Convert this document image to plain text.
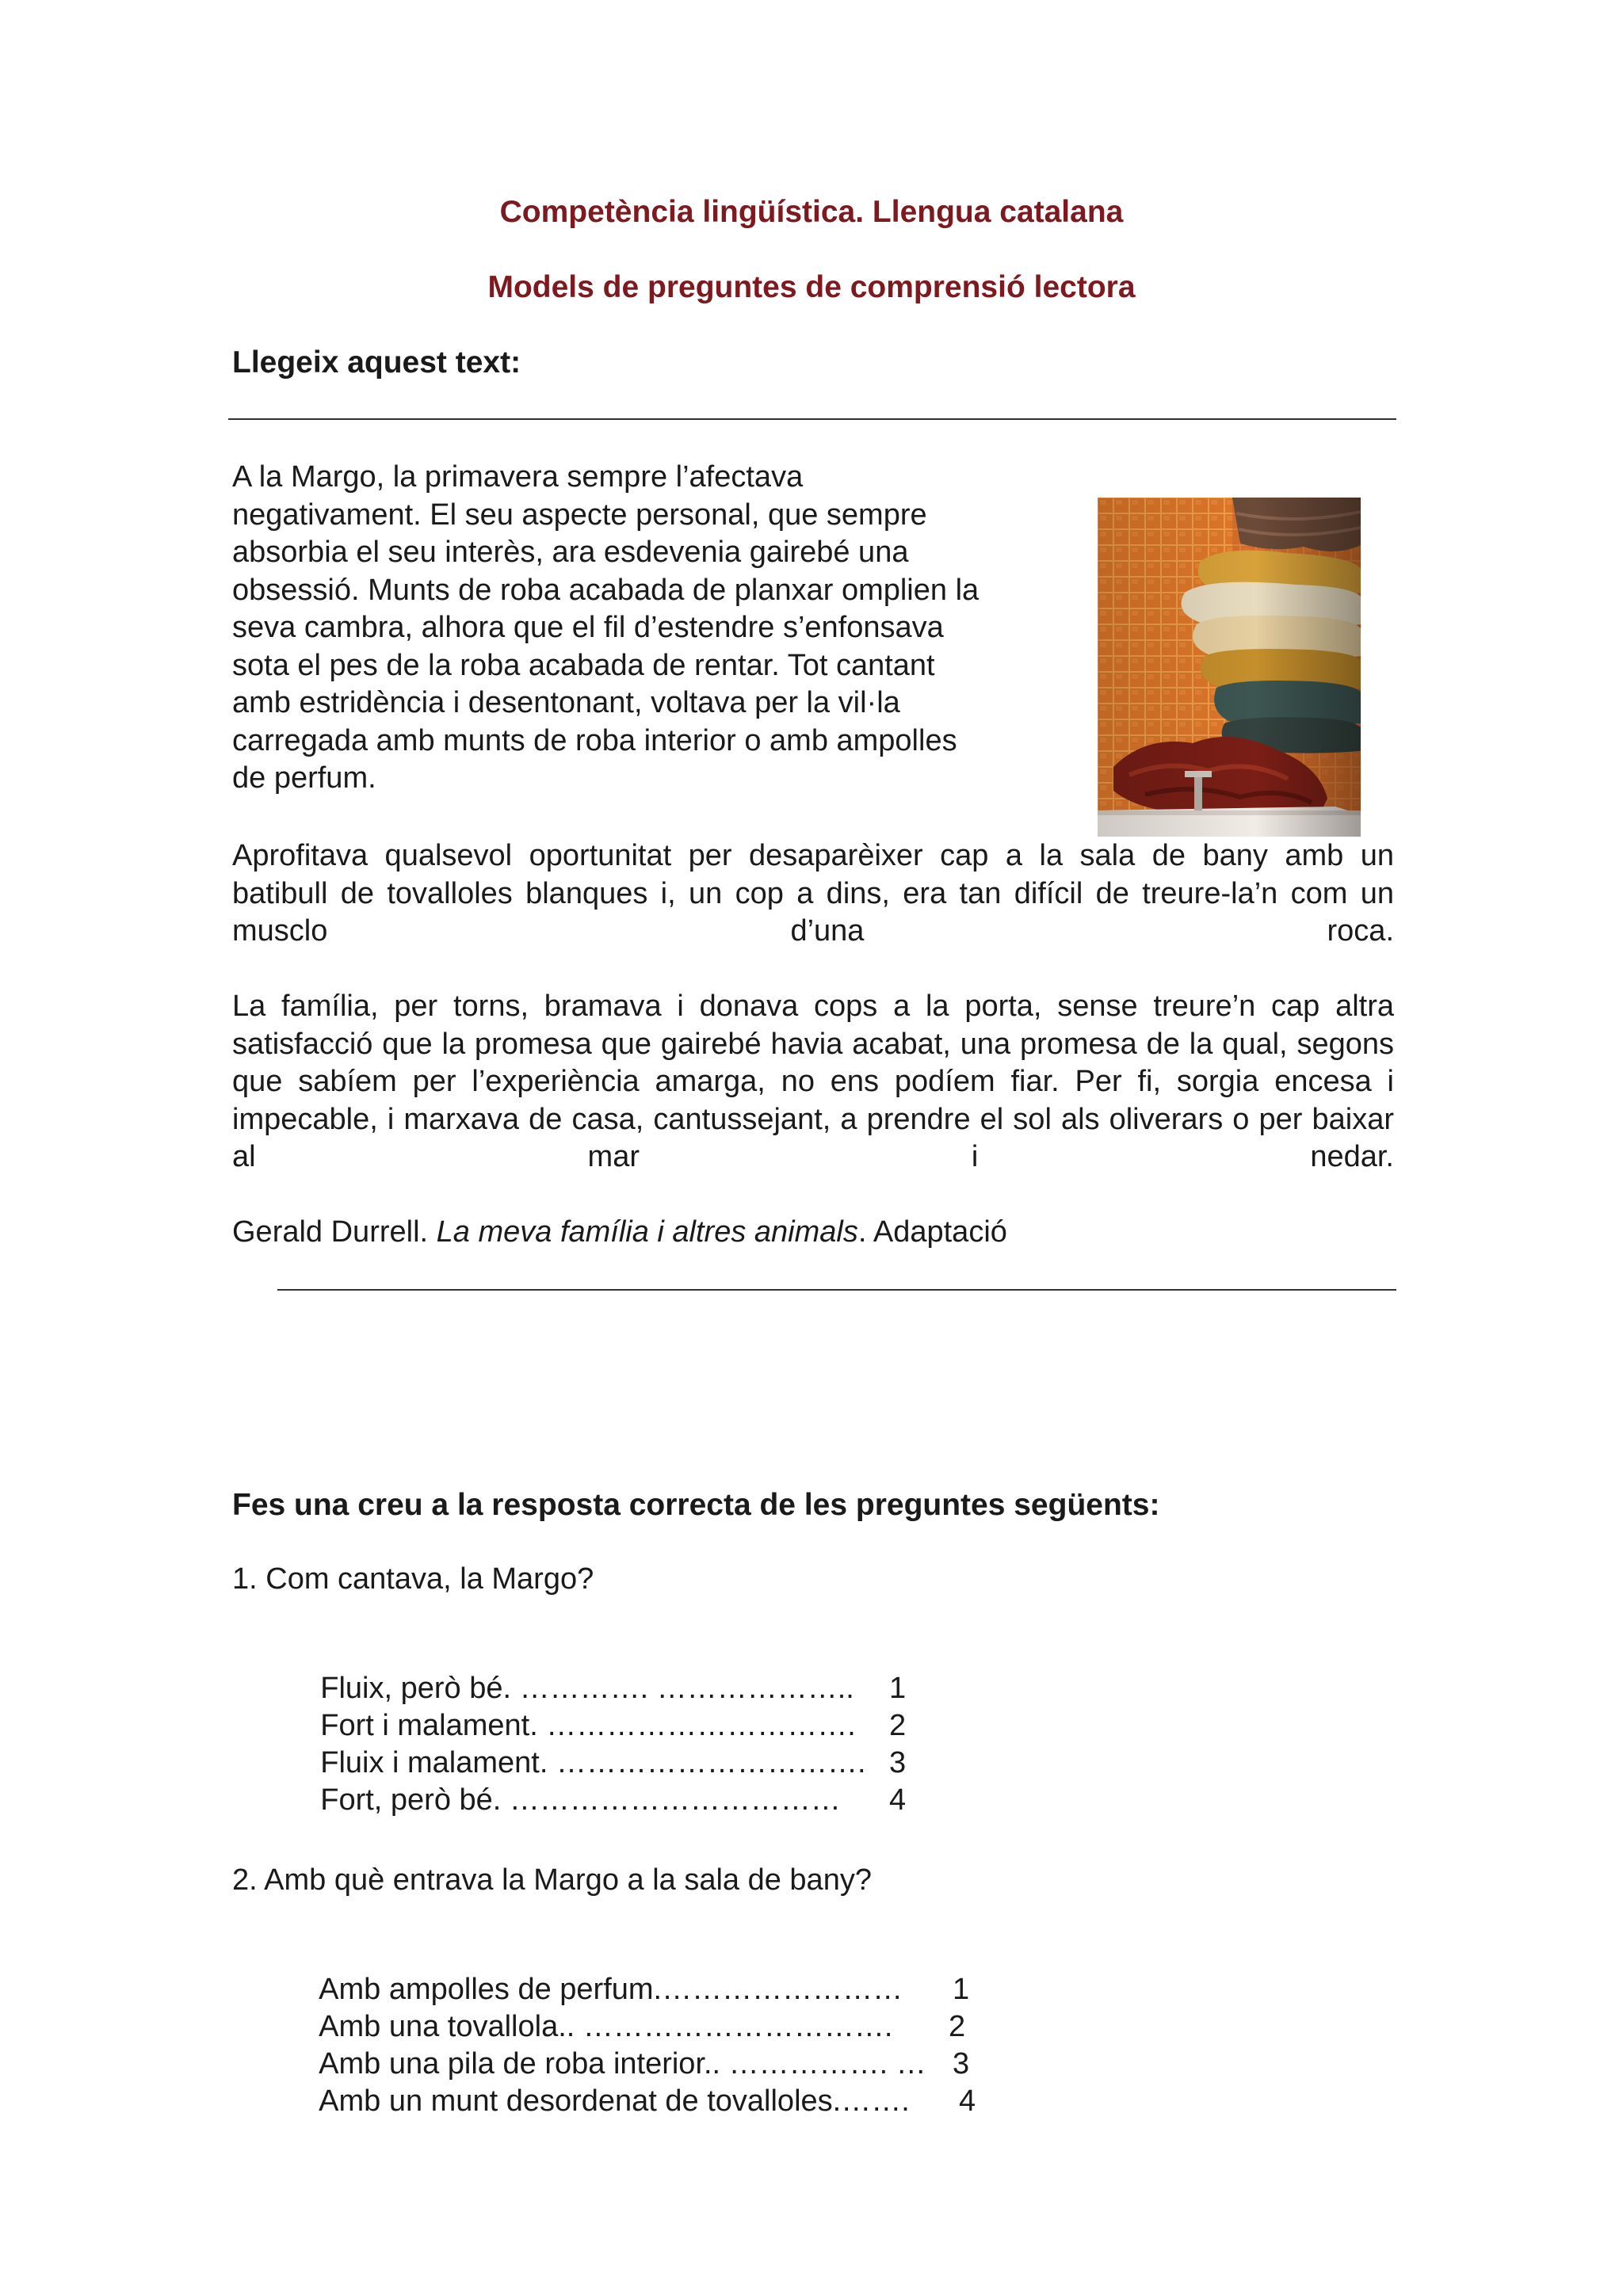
Competència lingüística. Llengua catalana
Models de preguntes de comprensió lectora
Llegeix aquest text:
A la Margo, la primavera sempre l’afectava
negativament. El seu aspecte personal, que sempre
absorbia el seu interès, ara esdevenia gairebé una
obsessió. Munts de roba acabada de planxar omplien la
seva cambra, alhora que el fil d’estendre s’enfonsava
sota el pes de la roba acabada de rentar. Tot cantant
amb estridència i desentonant, voltava per la vil·la
carregada amb munts de roba interior o amb ampolles
de perfum.

Aprofitava qualsevol oportunitat per desaparèixer cap a la sala de bany amb un batibull de tovalloles blanques i, un cop a dins, era tan difícil de treure-la’n com un musclo d’una roca.

La família, per torns, bramava i donava cops a la porta, sense treure’n cap altra satisfacció que la promesa que gairebé havia acabat, una promesa de la qual, segons que sabíem per l’experiència amarga, no ens podíem fiar. Per fi, sorgia encesa i impecable, i marxava de casa, cantussejant, a prendre el sol als oliverars o per baixar al mar i nedar.

Gerald Durrell. La meva família i altres animals. Adaptació
Fes una creu a la resposta correcta de les preguntes següents:
1. Com cantava, la Margo?

Fluix, però bé. …………. ……………….. 1

Fort i malament. …………………………. 2

Fluix i malament. …………………………. 3

Fort, però bé. …………………………… 4

2. Amb què entrava la Margo a la sala de bany?

Amb ampolles de perfum.…………………… 1

Amb una tovallola.. …………………………. 2

Amb una pila de roba interior.. ……………. … 3

Amb un munt desordenat de tovalloles.……. 4
